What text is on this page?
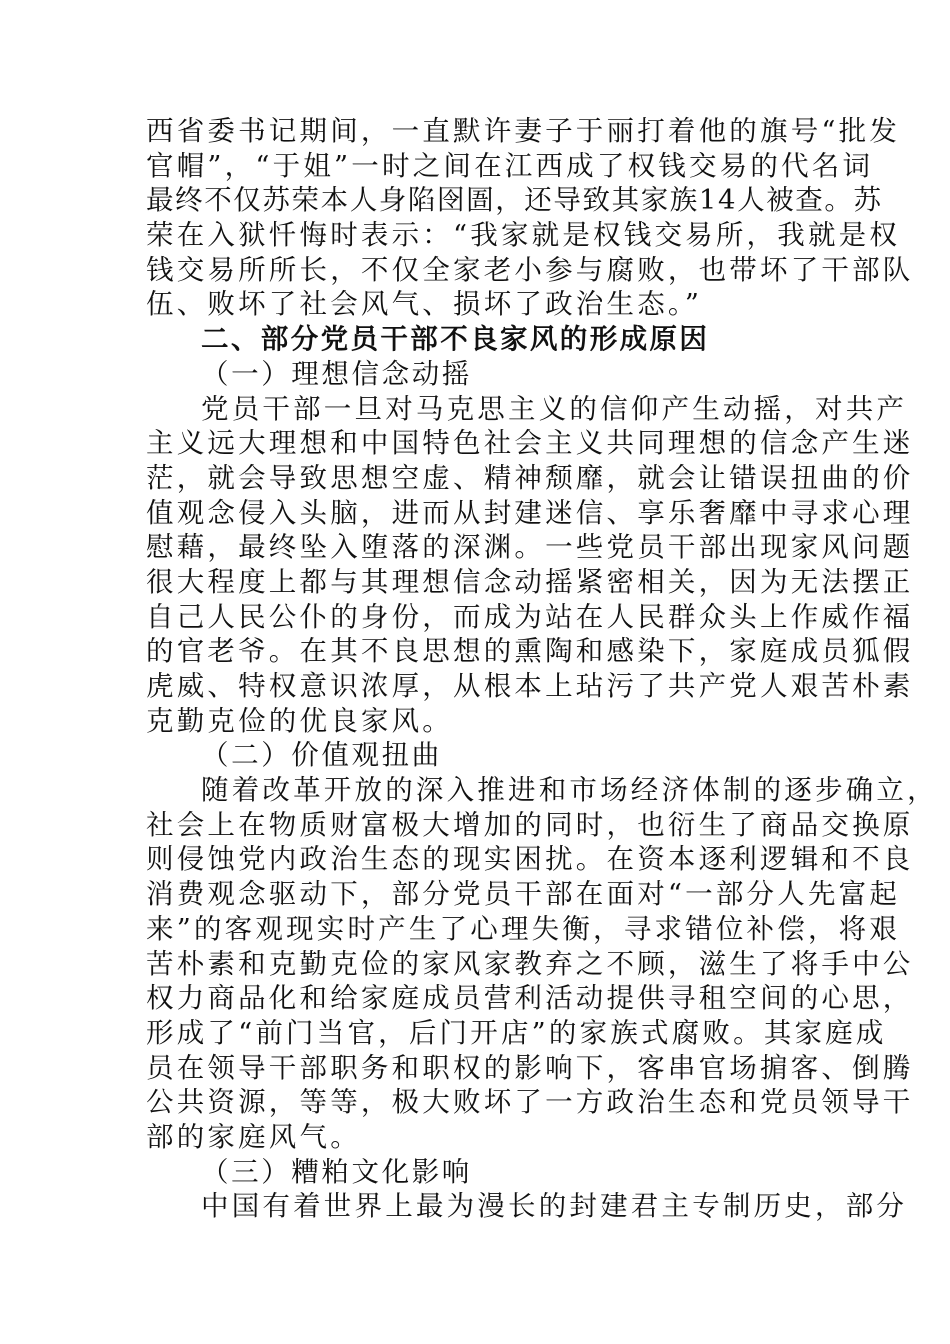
西省委书记期间，一直默许妻子于丽打着他的旗号“批发
官帽”，“于姐”一时之间在江西成了权钱交易的代名词
最终不仅苏荣本人身陷囹圄，还导致其家族14人被查。苏
荣在入狱忏悔时表示：“我家就是权钱交易所，我就是权
钱交易所所长，不仅全家老小参与腐败，也带坏了干部队
伍、败坏了社会风气、损坏了政治生态。”
二、部分党员干部不良家风的形成原因
（一）理想信念动摇
党员干部一旦对马克思主义的信仰产生动摇，对共产
主义远大理想和中国特色社会主义共同理想的信念产生迷
茫，就会导致思想空虚、精神颓靡，就会让错误扭曲的价
值观念侵入头脑，进而从封建迷信、享乐奢靡中寻求心理
慰藉，最终坠入堕落的深渊。一些党员干部出现家风问题
很大程度上都与其理想信念动摇紧密相关，因为无法摆正
自己人民公仆的身份，而成为站在人民群众头上作威作福
的官老爷。在其不良思想的熏陶和感染下，家庭成员狐假
虎威、特权意识浓厚，从根本上玷污了共产党人艰苦朴素
克勤克俭的优良家风。
（二）价值观扭曲
随着改革开放的深入推进和市场经济体制的逐步确立，
社会上在物质财富极大增加的同时，也衍生了商品交换原
则侵蚀党内政治生态的现实困扰。在资本逐利逻辑和不良
消费观念驱动下，部分党员干部在面对“一部分人先富起
来”的客观现实时产生了心理失衡，寻求错位补偿，将艰
苦朴素和克勤克俭的家风家教弃之不顾，滋生了将手中公
权力商品化和给家庭成员营利活动提供寻租空间的心思，
形成了“前门当官，后门开店”的家族式腐败。其家庭成
员在领导干部职务和职权的影响下，客串官场掮客、倒腾
公共资源，等等，极大败坏了一方政治生态和党员领导干
部的家庭风气。
（三）糟粕文化影响
中国有着世界上最为漫长的封建君主专制历史，部分
